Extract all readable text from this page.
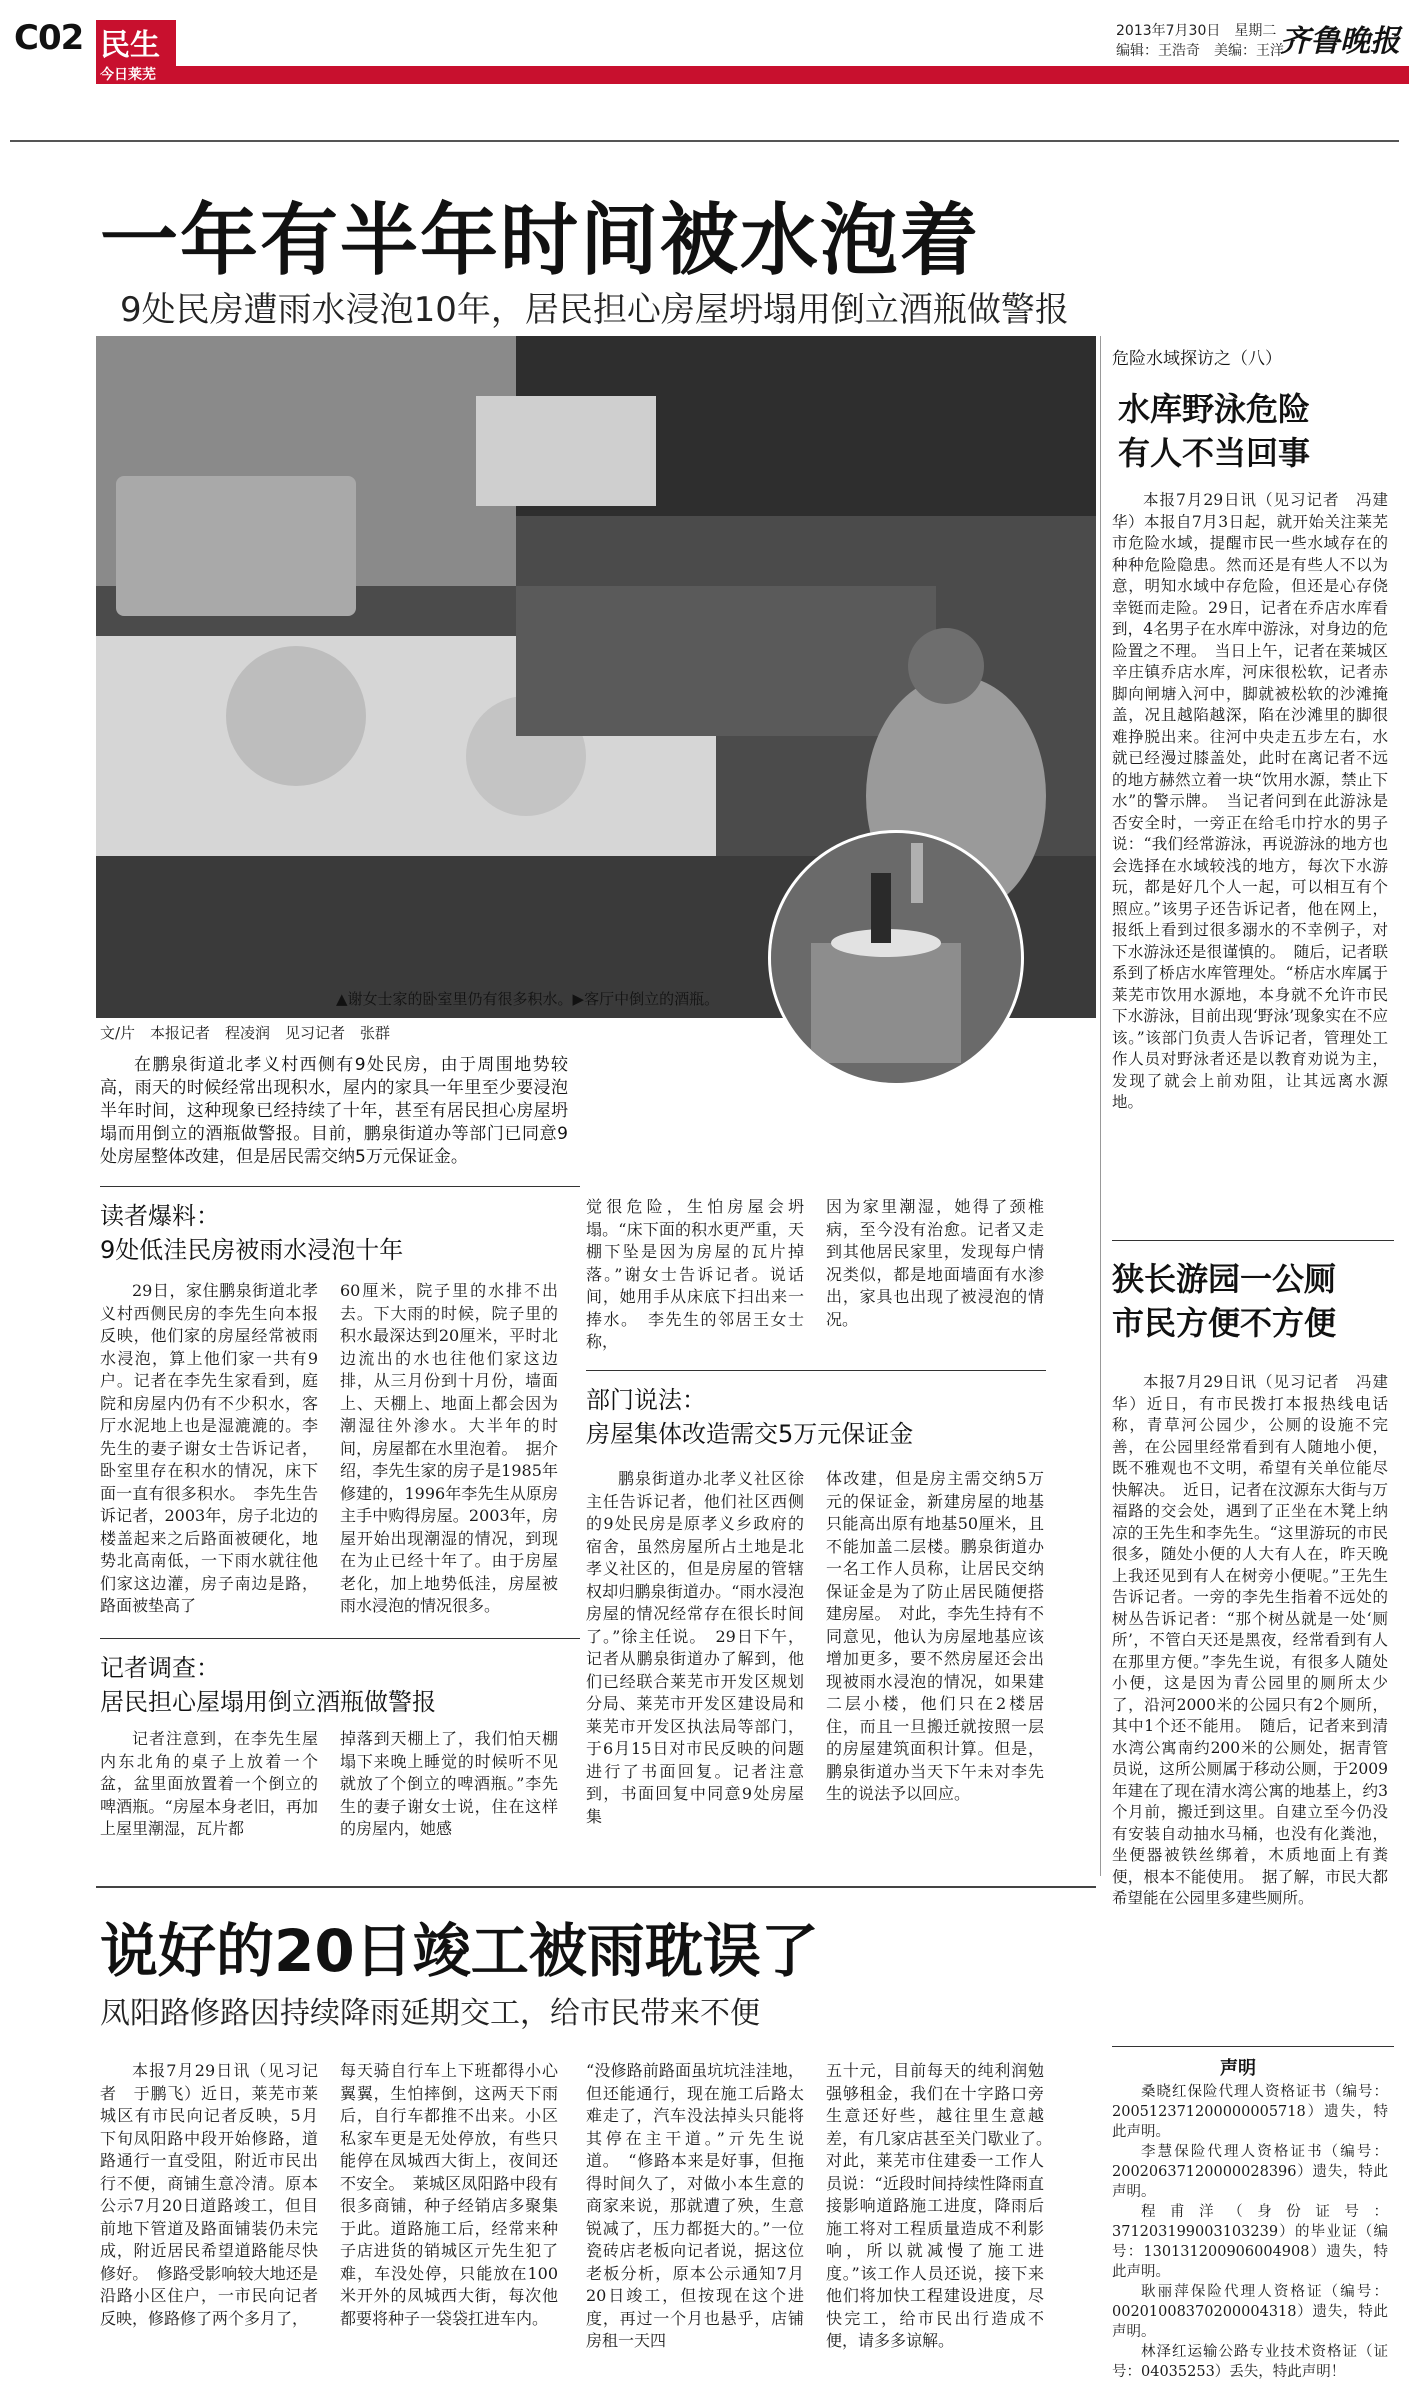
C02 民生
今日莱芜
2013年7月30日　星期二
编辑：王浩奇　美编：王洋
齐鲁晚报
一年有半年时间被水泡着
9处民房遭雨水浸泡10年，居民担心房屋坍塌用倒立酒瓶做警报
▲谢女士家的卧室里仍有很多积水。▶客厅中倒立的酒瓶。
文/片　本报记者　程凌润　见习记者　张群

在鹏泉街道北孝义村西侧有9处民房，由于周围地势较高，雨天的时候经常出现积水，屋内的家具一年里至少要浸泡半年时间，这种现象已经持续了十年，甚至有居民担心房屋坍塌而用倒立的酒瓶做警报。目前，鹏泉街道办等部门已同意9处房屋整体改建，但是居民需交纳5万元保证金。

读者爆料：
9处低洼民房被雨水浸泡十年

29日，家住鹏泉街道北孝义村西侧民房的李先生向本报反映，他们家的房屋经常被雨水浸泡，算上他们家一共有9户。记者在李先生家看到，庭院和房屋内仍有不少积水，客厅水泥地上也是湿漉漉的。李先生的妻子谢女士告诉记者，卧室里存在积水的情况，床下面一直有很多积水。　李先生告诉记者，2003年，房子北边的楼盖起来之后路面被硬化，地势北高南低，一下雨水就往他们家这边灌，房子南边是路，路面被垫高了

60厘米，院子里的水排不出去。下大雨的时候，院子里的积水最深达到20厘米，平时北边流出的水也往他们家这边排，从三月份到十月份，墙面上、天棚上、地面上都会因为潮湿往外渗水。大半年的时间，房屋都在水里泡着。　据介绍，李先生家的房子是1985年修建的，1996年李先生从原房主手中购得房屋。2003年，房屋开始出现潮湿的情况，到现在为止已经十年了。由于房屋老化，加上地势低洼，房屋被雨水浸泡的情况很多。

记者调查：
居民担心屋塌用倒立酒瓶做警报

记者注意到，在李先生屋内东北角的桌子上放着一个盆，盆里面放置着一个倒立的啤酒瓶。“房屋本身老旧，再加上屋里潮湿，瓦片都

掉落到天棚上了，我们怕天棚塌下来晚上睡觉的时候听不见就放了个倒立的啤酒瓶。”李先生的妻子谢女士说，住在这样的房屋内，她感

觉很危险，生怕房屋会坍塌。“床下面的积水更严重，天棚下坠是因为房屋的瓦片掉落。”谢女士告诉记者。说话间，她用手从床底下扫出来一捧水。　李先生的邻居王女士称，

因为家里潮湿，她得了颈椎病，至今没有治愈。记者又走到其他居民家里，发现每户情况类似，都是地面墙面有水渗出，家具也出现了被浸泡的情况。

部门说法：
房屋集体改造需交5万元保证金

鹏泉街道办北孝义社区徐主任告诉记者，他们社区西侧的9处民房是原孝义乡政府的宿舍，虽然房屋所占土地是北孝义社区的，但是房屋的管辖权却归鹏泉街道办。“雨水浸泡房屋的情况经常存在很长时间了。”徐主任说。　29日下午，记者从鹏泉街道办了解到，他们已经联合莱芜市开发区规划分局、莱芜市开发区建设局和莱芜市开发区执法局等部门，于6月15日对市民反映的问题进行了书面回复。记者注意到，书面回复中同意9处房屋集

体改建，但是房主需交纳5万元的保证金，新建房屋的地基只能高出原有地基50厘米，且不能加盖二层楼。鹏泉街道办一名工作人员称，让居民交纳保证金是为了防止居民随便搭建房屋。　对此，李先生持有不同意见，他认为房屋地基应该增加更多，要不然房屋还会出现被雨水浸泡的情况，如果建二层小楼，他们只在2楼居住，而且一旦搬迁就按照一层的房屋建筑面积计算。但是，鹏泉街道办当天下午未对李先生的说法予以回应。

危险水域探访之（八）
水库野泳危险
有人不当回事

本报7月29日讯（见习记者　冯建华）本报自7月3日起，就开始关注莱芜市危险水域，提醒市民一些水域存在的种种危险隐患。然而还是有些人不以为意，明知水域中存危险，但还是心存侥幸铤而走险。29日，记者在乔店水库看到，4名男子在水库中游泳，对身边的危险置之不理。　当日上午，记者在莱城区辛庄镇乔店水库，河床很松软，记者赤脚向闸塘入河中，脚就被松软的沙滩掩盖，况且越陷越深，陷在沙滩里的脚很难挣脱出来。往河中央走五步左右，水就已经漫过膝盖处，此时在离记者不远的地方赫然立着一块“饮用水源，禁止下水”的警示牌。　当记者问到在此游泳是否安全时，一旁正在给毛巾拧水的男子说：“我们经常游泳，再说游泳的地方也会选择在水域较浅的地方，每次下水游玩，都是好几个人一起，可以相互有个照应。”该男子还告诉记者，他在网上，报纸上看到过很多溺水的不幸例子，对下水游泳还是很谨慎的。　随后，记者联系到了桥店水库管理处。“桥店水库属于莱芜市饮用水源地，本身就不允许市民下水游泳，目前出现‘野泳’现象实在不应该。”该部门负责人告诉记者，管理处工作人员对野泳者还是以教育劝说为主，发现了就会上前劝阻，让其远离水源地。

狭长游园一公厕
市民方便不方便

本报7月29日讯（见习记者　冯建华）近日，有市民拨打本报热线电话称，青草河公园少，公厕的设施不完善，在公园里经常看到有人随地小便，既不雅观也不文明，希望有关单位能尽快解决。　近日，记者在汶源东大街与万福路的交会处，遇到了正坐在木凳上纳凉的王先生和李先生。“这里游玩的市民很多，随处小便的人大有人在，昨天晚上我还见到有人在树旁小便呢。”王先生告诉记者。一旁的李先生指着不远处的树丛告诉记者：“那个树丛就是一处‘厕所’，不管白天还是黑夜，经常看到有人在那里方便。”李先生说，有很多人随处小便，这是因为青公园里的厕所太少了，沿河2000米的公园只有2个厕所，其中1个还不能用。　随后，记者来到清水湾公寓南约200米的公厕处，据青管员说，这所公厕属于移动公厕，于2009年建在了现在清水湾公寓的地基上，约3个月前，搬迁到这里。自建立至今仍没有安装自动抽水马桶，也没有化粪池，坐便器被铁丝绑着，木质地面上有粪便，根本不能使用。　据了解，市民大都希望能在公园里多建些厕所。

声明

桑晓红保险代理人资格证书（编号：200512371200000005718）遗失，特此声明。

李慧保险代理人资格证书（编号：2002063712000002839​6）遗失，特此声明。

程甫洋（身份证号：371203199003103239）的毕业证（编号：130131200906004908）遗失，特此声明。

耿丽萍保险代理人资格证（编号：002010083702000043​18）遗失，特此声明。

林泽红运输公路专业技术资格证（证号：04035253）丢失，特此声明！

说好的20日竣工被雨耽误了
凤阳路修路因持续降雨延期交工，给市民带来不便

本报7月29日讯（见习记者　于鹏飞）近日，莱芜市莱城区有市民向记者反映，5月下旬凤阳路中段开始修路，道路通行一直受阻，附近市民出行不便，商铺生意冷清。原本公示7月20日道路竣工，但目前地下管道及路面铺装仍未完成，附近居民希望道路能尽快修好。　修路受影响较大地还是沿路小区住户，一市民向记者反映，修路修了两个多月了，

每天骑自行车上下班都得小心翼翼，生怕摔倒，这两天下雨后，自行车都推不出来。小区私家车更是无处停放，有些只能停在凤城西大街上，夜间还不安全。　莱城区凤阳路中段有很多商铺，种子经销店多聚集于此。道路施工后，经常来种子店进货的销城区亓先生犯了难，车没处停，只能放在100米开外的凤城西大街，每次他都要将种子一袋袋扛进车内。

“没修路前路面虽坑坑洼洼地，但还能通行，现在施工后路太难走了，汽车没法掉头只能将其停在主干道。”亓先生说道。　“修路本来是好事，但拖得时间久了，对做小本生意的商家来说，那就遭了殃，生意锐减了，压力都挺大的。”一位瓷砖店老板向记者说，据这位老板分析，原本公示通知7月20日竣工，但按现在这个进度，再过一个月也悬乎，店铺房租一天四

五十元，目前每天的纯利润勉强够租金，我们在十字路口旁生意还好些，越往里生意越差，有几家店甚至关门歇业了。　对此，莱芜市住建委一工作人员说：“近段时间持续性降雨直接影响道路施工进度，降雨后施工将对工程质量造成不利影响，所以就减慢了施工进度。”该工作人员还说，接下来他们将加快工程建设进度，尽快完工，给市民出行造成不便，请多多谅解。
